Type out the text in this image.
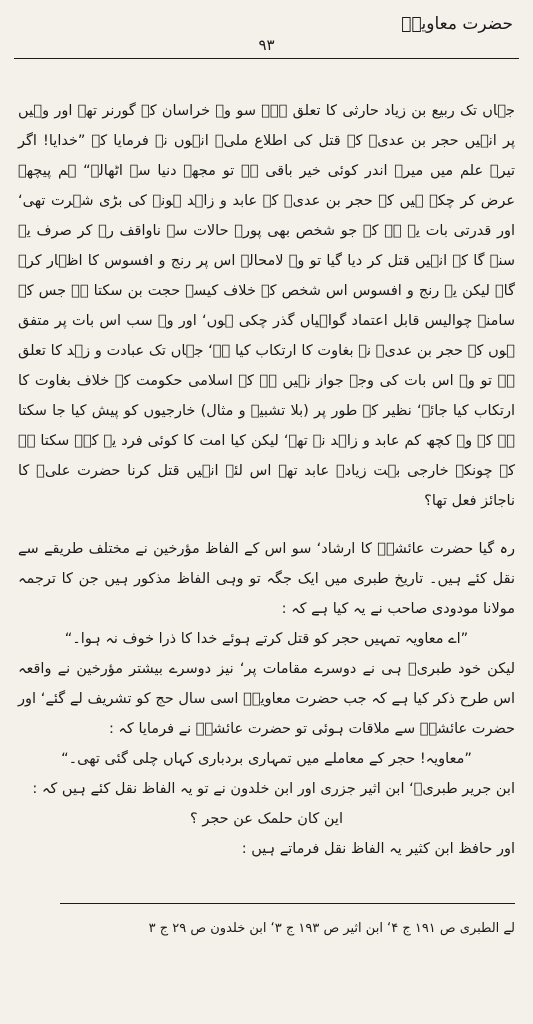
حضرت معاویہؓ
۹۳

جہاں تک ربیع بن زیاد حارثی کا تعلق ہے۔ سو وہ خراسان کے گورنر تھے اور وہیں پر انہیں حجر بن عدیؓ کے قتل کی اطلاع ملی۔ انہوں نے فرمایا کہ ”خدایا! اگر تیرے علم میں میرے اندر کوئی خیر باقی ہے تو مجھے دنیا سے اٹھالے“ ہم پیچھے عرض کر چکے ہیں کہ حجر بن عدیؓ کے عابد و زاہد ہونے کی بڑی شہرت تھی‘ اور قدرتی بات یہ ہے کہ جو شخص بھی پورے حالات سے ناواقف رہ کر صرف یہ سنے گا کہ انہیں قتل کر دیا گیا تو وہ لامحالہ اس پر رنج و افسوس کا اظہار کرے گا۔ لیکن یہ رنج و افسوس اس شخص کے خلاف کیسے حجت بن سکتا ہے جس کے سامنے چوالیس قابل اعتماد گواہیاں گذر چکی ہوں‘ اور وہ سب اس بات پر متفق ہوں کہ حجر بن عدیؓ نے بغاوت کا ارتکاب کیا ہے‘ جہاں تک عبادت و زہد کا تعلق ہے تو وہ اس بات کی وجہ جواز نہیں ہے کہ اسلامی حکومت کے خلاف بغاوت کا ارتکاب کیا جائے‘ نظیر کے طور پر (بلا تشبیہ و مثال) خارجیوں کو پیش کیا جا سکتا ہے کہ وہ کچھ کم عابد و زاہد نہ تھے‘ لیکن کیا امت کا کوئی فرد یہ کہہ سکتا ہے کہ چونکہ خارجی بہت زیادہ عابد تھے اس لئے انہیں قتل کرنا حضرت علیؓ کا ناجائز فعل تھا؟

رہ گیا حضرت عائشہؓ کا ارشاد‘ سو اس کے الفاظ مؤرخین نے مختلف طریقے سے نقل کئے ہیں۔ تاریخ طبری میں ایک جگہ تو وہی الفاظ مذکور ہیں جن کا ترجمہ مولانا مودودی صاحب نے یہ کیا ہے کہ :

”اے معاویہ تمہیں حجر کو قتل کرتے ہوئے خدا کا ذرا خوف نہ ہوا۔“

لیکن خود طبریؒ ہی نے دوسرے مقامات پر‘ نیز دوسرے بیشتر مؤرخین نے واقعہ اس طرح ذکر کیا ہے کہ جب حضرت معاویہؓ اسی سال حج کو تشریف لے گئے‘ اور حضرت عائشہؓ سے ملاقات ہوئی تو حضرت عائشہؓ نے فرمایا کہ :

”معاویہ! حجر کے معاملے میں تمہاری بردباری کہاں چلی گئی تھی۔“

ابن جریر طبریؒ‘ ابن اثیر جزری اور ابن خلدون نے تو یہ الفاظ نقل کئے ہیں کہ :

این کان حلمک عن حجر ؟

اور حافظ ابن کثیر یہ الفاظ نقل فرماتے ہیں :

لے الطبری ص ۱۹۱ ج ۴‘ ابن اثیر ص ۱۹۳ ج ۳‘ ابن خلدون ص ۲۹ ج ۳
